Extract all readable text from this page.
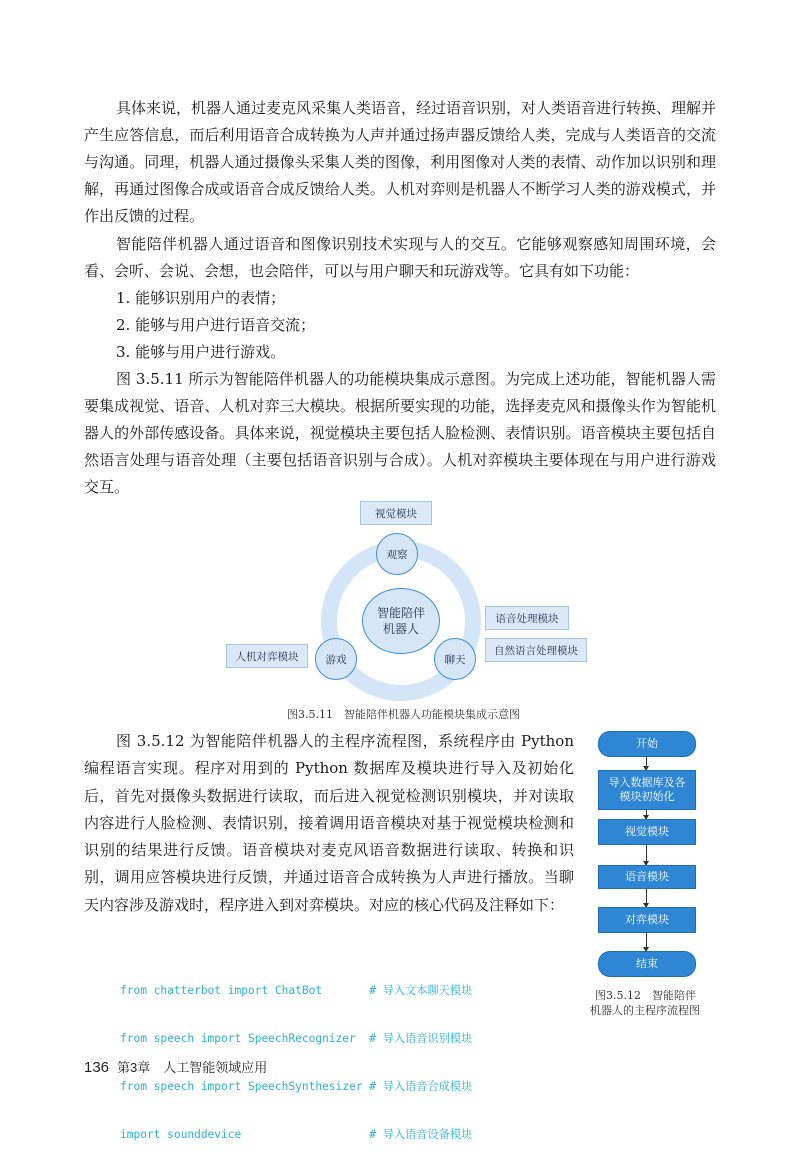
具体来说，机器人通过麦克风采集人类语音，经过语音识别，对人类语音进行转换、理解并产生应答信息，而后利用语音合成转换为人声并通过扬声器反馈给人类，完成与人类语音的交流与沟通。同理，机器人通过摄像头采集人类的图像，利用图像对人类的表情、动作加以识别和理解，再通过图像合成或语音合成反馈给人类。人机对弈则是机器人不断学习人类的游戏模式，并作出反馈的过程。

智能陪伴机器人通过语音和图像识别技术实现与人的交互。它能够观察感知周围环境，会看、会听、会说、会想，也会陪伴，可以与用户聊天和玩游戏等。它具有如下功能：

1. 能够识别用户的表情；

2. 能够与用户进行语音交流；

3. 能够与用户进行游戏。

图 3.5.11 所示为智能陪伴机器人的功能模块集成示意图。为完成上述功能，智能机器人需要集成视觉、语音、人机对弈三大模块。根据所要实现的功能，选择麦克风和摄像头作为智能机器人的外部传感设备。具体来说，视觉模块主要包括人脸检测、表情识别。语音模块主要包括自然语言处理与语音处理（主要包括语音识别与合成）。人机对弈模块主要体现在与用户进行游戏交互。

智能陪伴机器人
观察
游戏	聊天
视觉模块
语音处理模块
自然语言处理模块
人机对弈模块

图3.5.11　智能陪伴机器人功能模块集成示意图

图 3.5.12 为智能陪伴机器人的主程序流程图，系统程序由 Python 编程语言实现。程序对用到的 Python 数据库及模块进行导入及初始化后，首先对摄像头数据进行读取，而后进入视觉检测识别模块，并对读取内容进行人脸检测、表情识别，接着调用语音模块对基于视觉模块检测和识别的结果进行反馈。语音模块对麦克风语音数据进行读取、转换和识别，调用应答模块进行反馈，并通过语音合成转换为人声进行播放。当聊天内容涉及游戏时，程序进入到对弈模块。对应的核心代码及注释如下：

开始
导入数据库及各模块初始化
视觉模块
语音模块
对弈模块
结束

图3.5.12　智能陪伴

机器人的主程序流程图

from chatterbot import ChatBot       # 导入文本聊天模块

from speech import SpeechRecognizer  # 导入语音识别模块

from speech import SpeechSynthesizer # 导入语音合成模块

import sounddevice                   # 导入语音设备模块

136 第3章　人工智能领域应用
